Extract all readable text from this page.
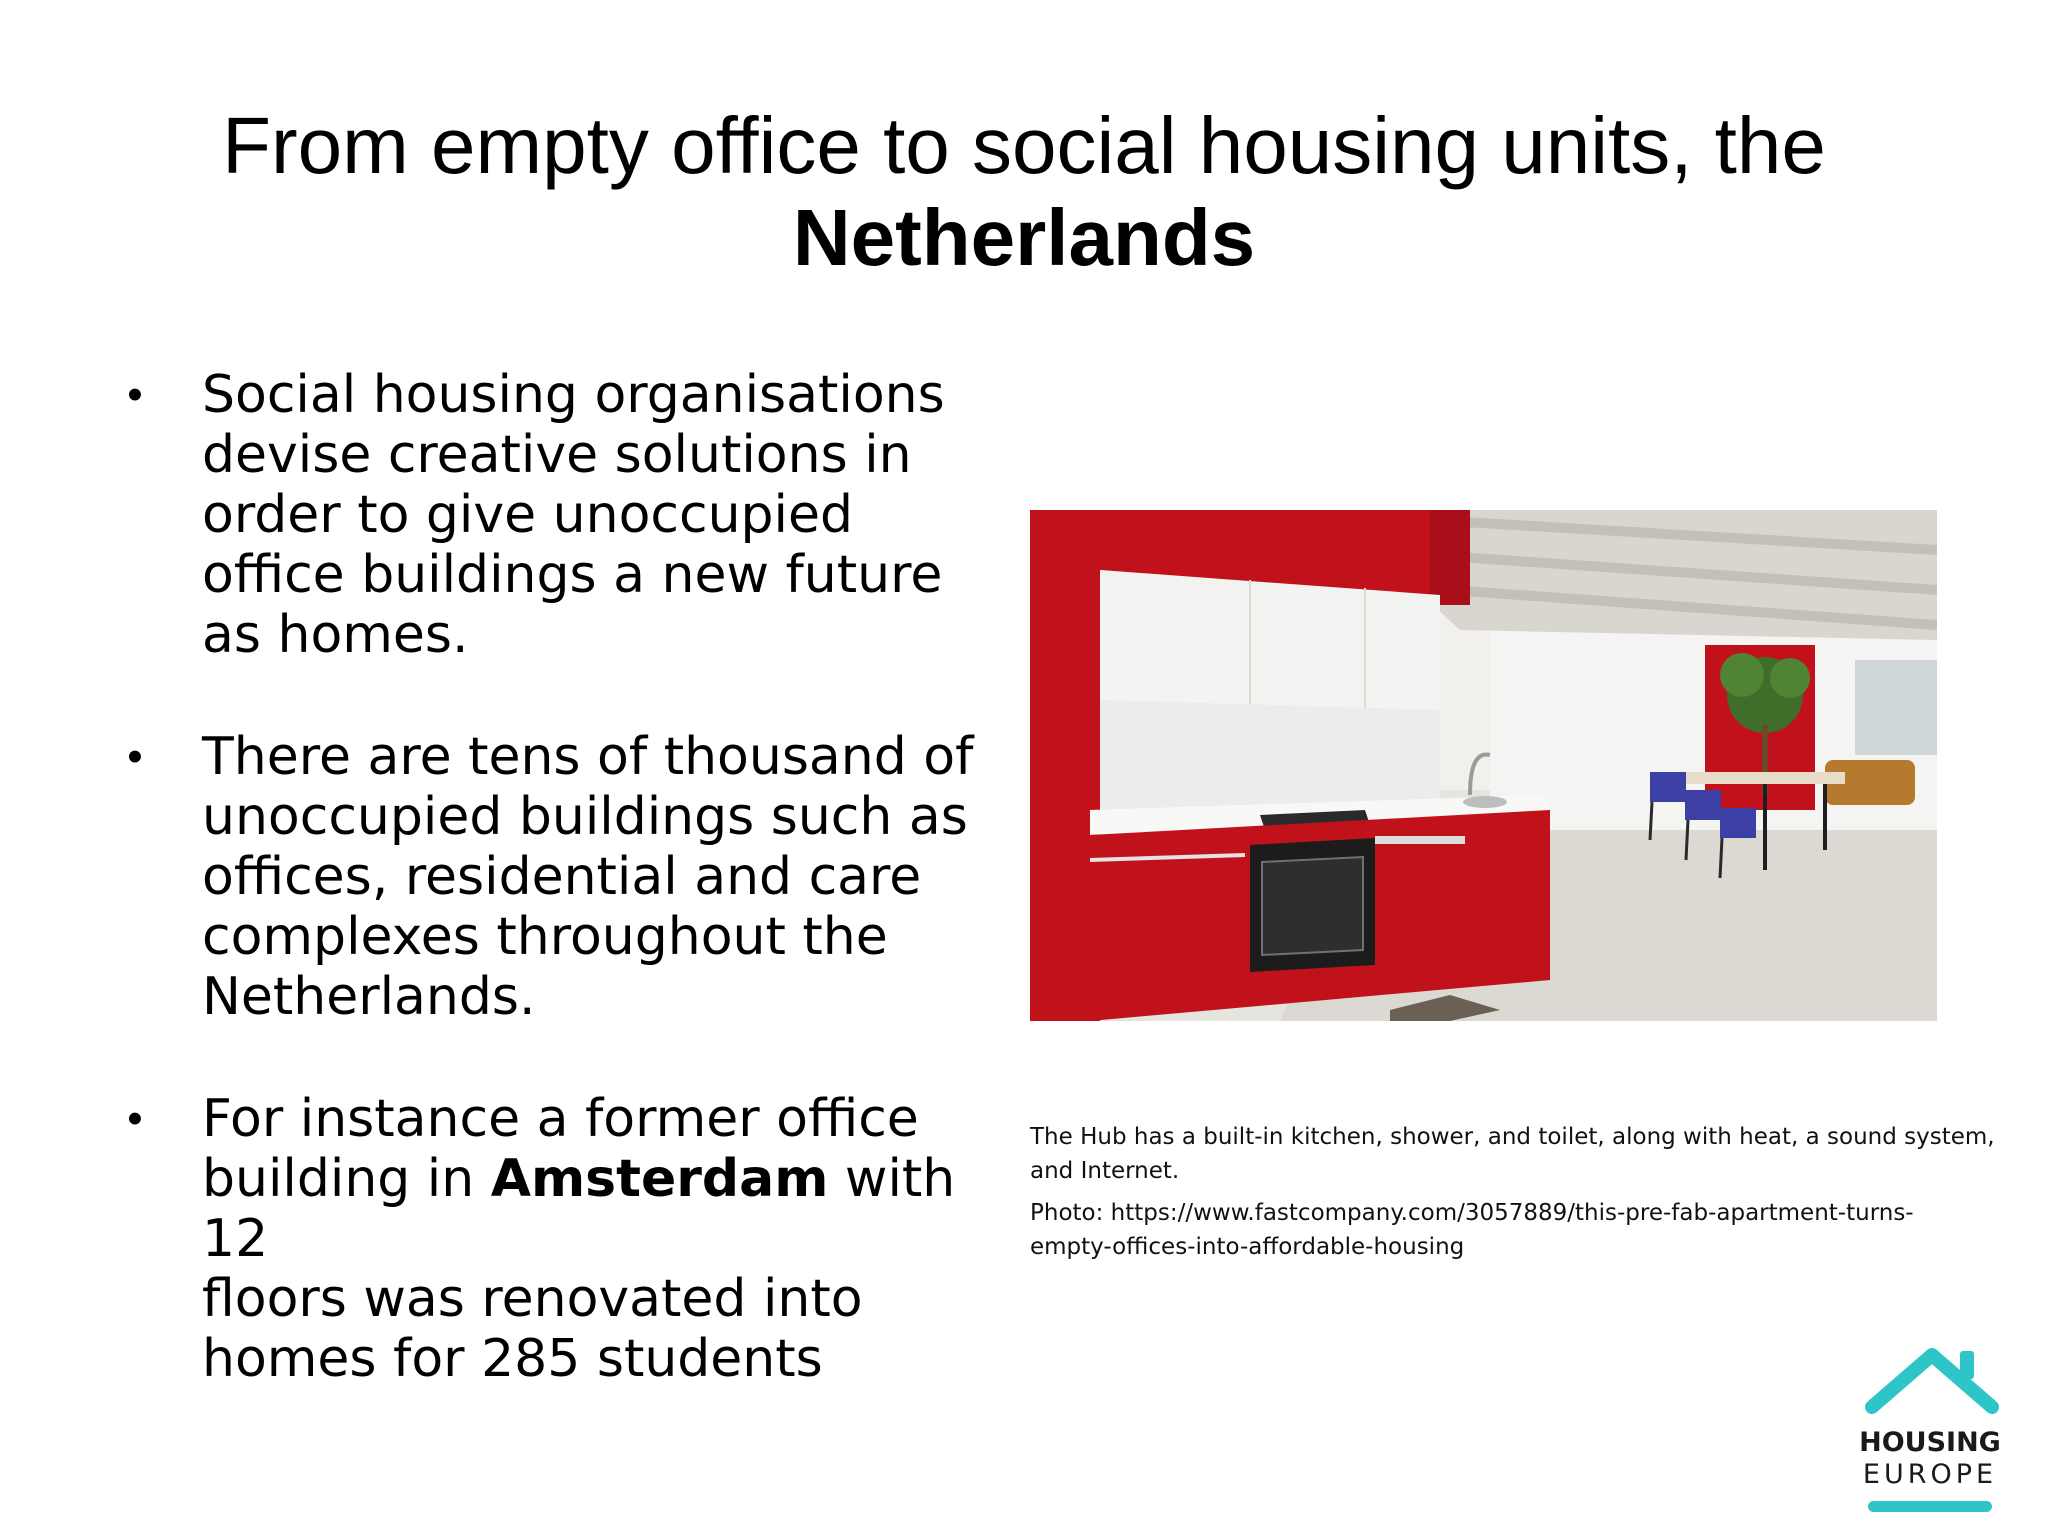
From empty office to social housing units, the
Netherlands
• Social housing organisations
devise creative solutions in
order to give unoccupied
office buildings a new future
as homes.
• There are tens of thousand of
unoccupied buildings such as
offices, residential and care
complexes throughout the
Netherlands.
• For instance a former office
building in Amsterdam with 12
floors was renovated into
homes for 285 students

The Hub has a built-in kitchen, shower, and toilet, along with heat, a sound system,
and Internet.

Photo: https://www.fastcompany.com/3057889/this-pre-fab-apartment-turns-
empty-offices-into-affordable-housing

HOUSING
EUROPE
